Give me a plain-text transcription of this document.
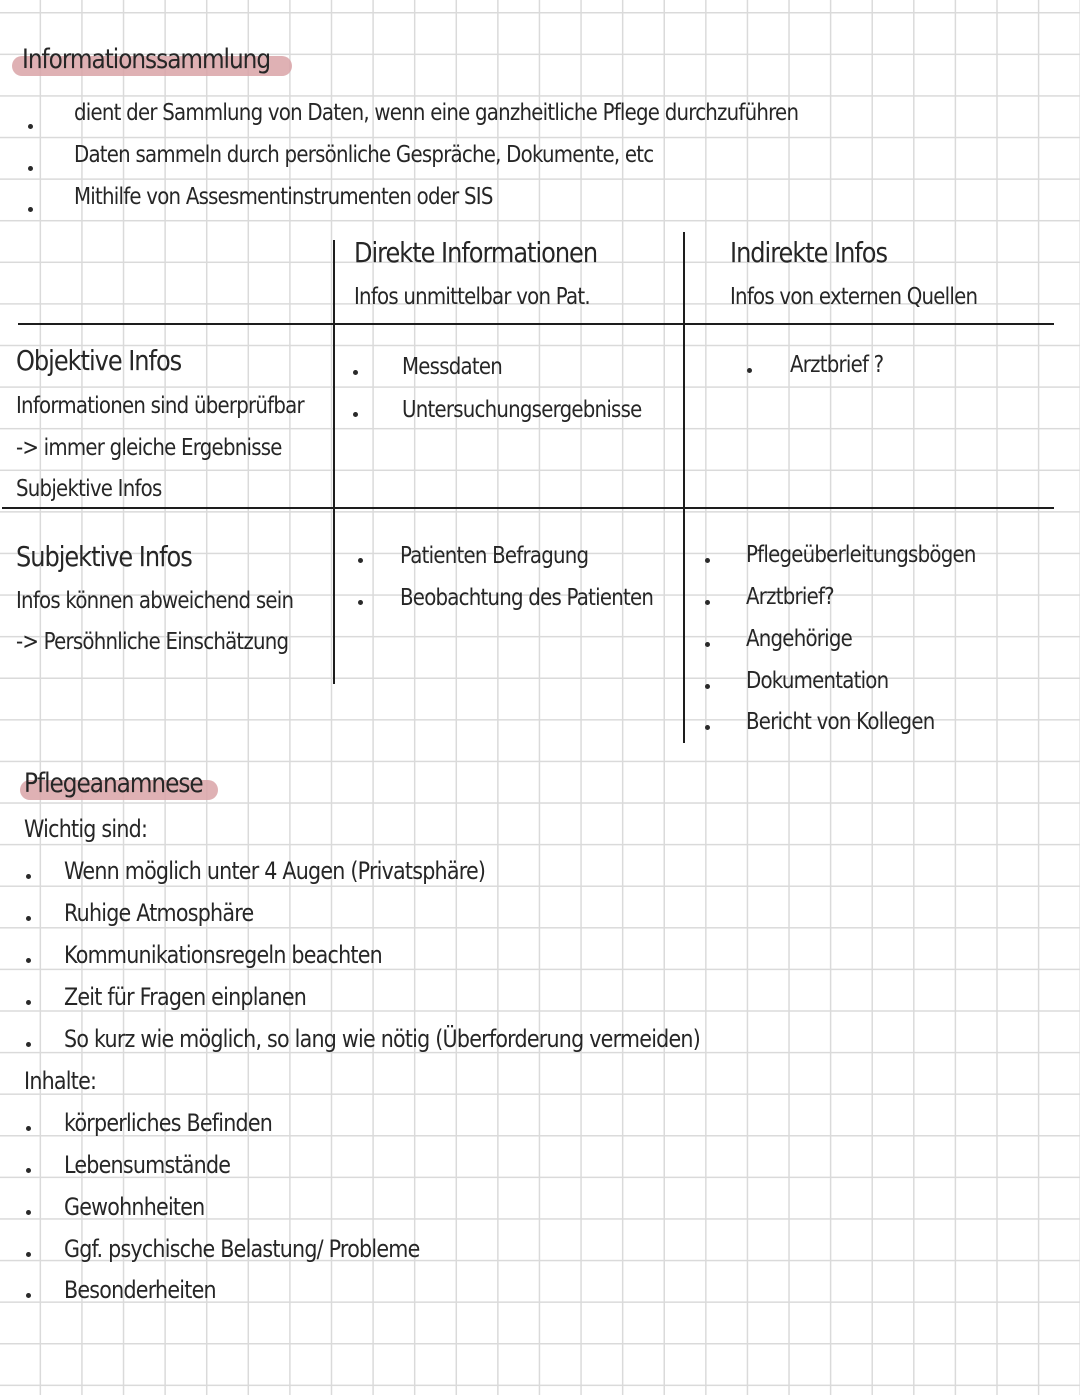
Informationssammlung
dient der Sammlung von Daten, wenn eine ganzheitliche Pflege durchzuführen
Daten sammeln durch persönliche Gespräche, Dokumente, etc
Mithilfe von Assesmentinstrumenten oder SIS
Direkte Informationen
Infos unmittelbar von Pat.
Indirekte Infos
Infos von externen Quellen
Objektive Infos
Informationen sind überprüfbar
-> immer gleiche Ergebnisse
Subjektive Infos
Messdaten
Untersuchungsergebnisse
Arztbrief ?
Subjektive Infos
Infos können abweichend sein
-> Persöhnliche Einschätzung
Patienten Befragung
Beobachtung des Patienten
Pflegeüberleitungsbögen
Arztbrief?
Angehörige
Dokumentation
Bericht von Kollegen
Pflegeanamnese
Wichtig sind:
Wenn möglich unter 4 Augen (Privatsphäre)
Ruhige Atmosphäre
Kommunikationsregeln beachten
Zeit für Fragen einplanen
So kurz wie möglich, so lang wie nötig (Überforderung vermeiden)
Inhalte:
körperliches Befinden
Lebensumstände
Gewohnheiten
Ggf. psychische Belastung/ Probleme
Besonderheiten
